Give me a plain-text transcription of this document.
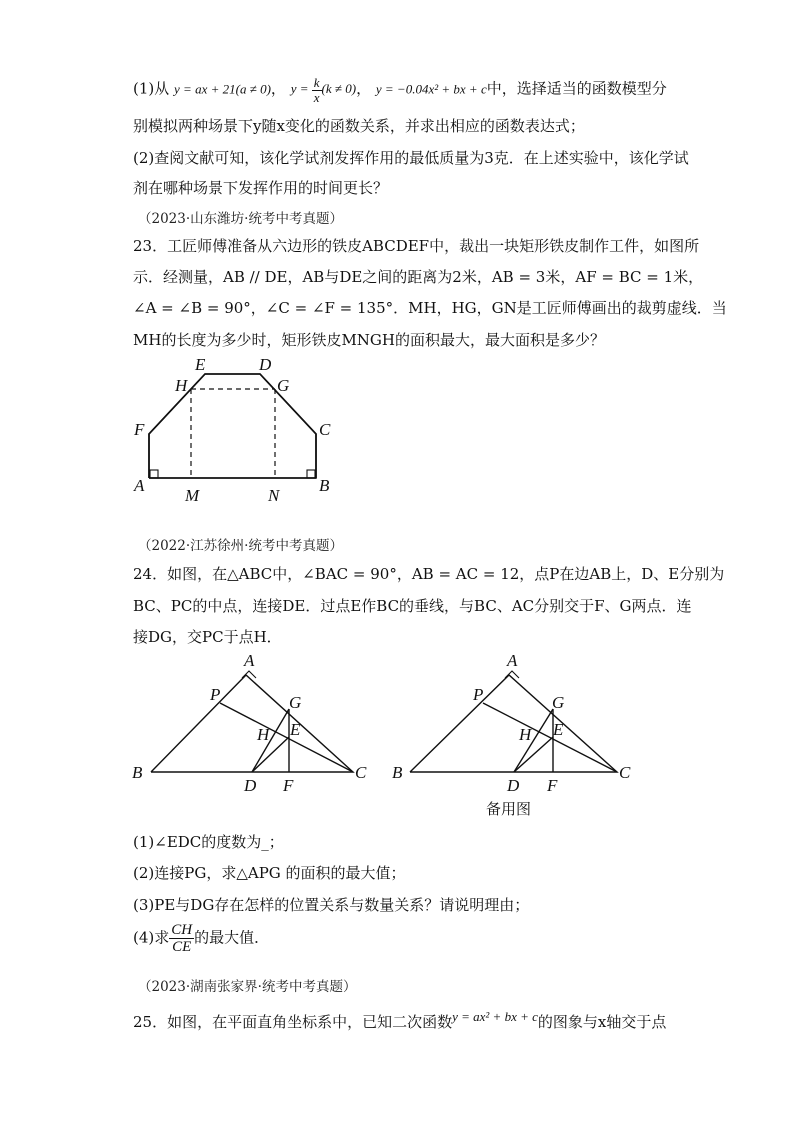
(1)从 y = ax + 21(a ≠ 0)， $y = \frac{k}{x} (k \ne 0)$， y = −0.04x² + bx + c中，选择适当的函数模型分
别模拟两种场景下y随x变化的函数关系，并求出相应的函数表达式；
(2)查阅文献可知，该化学试剂发挥作用的最低质量为3克．在上述实验中，该化学试
剂在哪种场景下发挥作用的时间更长？
（2023·山东潍坊·统考中考真题）
23．工匠师傅准备从六边形的铁皮ABCDEF中，裁出一块矩形铁皮制作工件，如图所
示．经测量，AB // DE，AB与DE之间的距离为2米，AB = 3米，AF = BC = 1米，
∠A = ∠B = 90°，∠C = ∠F = 135°．MH，HG，GN是工匠师傅画出的裁剪虚线．当
MH的长度为多少时，矩形铁皮MNGH的面积最大，最大面积是多少？
E	D
H	G
F	C
A
M	N
B
（2022·江苏徐州·统考中考真题）
24．如图，在△ABC中，∠BAC = 90°，AB = AC = 12，点P在边AB上，D、E分别为
BC、PC的中点，连接DE．过点E作BC的垂线，与BC、AC分别交于F、G两点．连
接DG，交PC于点H．
A
P	G
H E
B
D F
C
A
P	G
H E
B
D F
C
备用图
(1)∠EDC的度数为_；
(2)连接PG，求△APG 的面积的最大值；
(3)PE与DG存在怎样的位置关系与数量关系？请说明理由；
(4)求 $\frac{CH}{CE}$ 的最大值．
（2023·湖南张家界·统考中考真题）
25．如图，在平面直角坐标系中，已知二次函数y = ax² + bx + c的图象与x轴交于点
